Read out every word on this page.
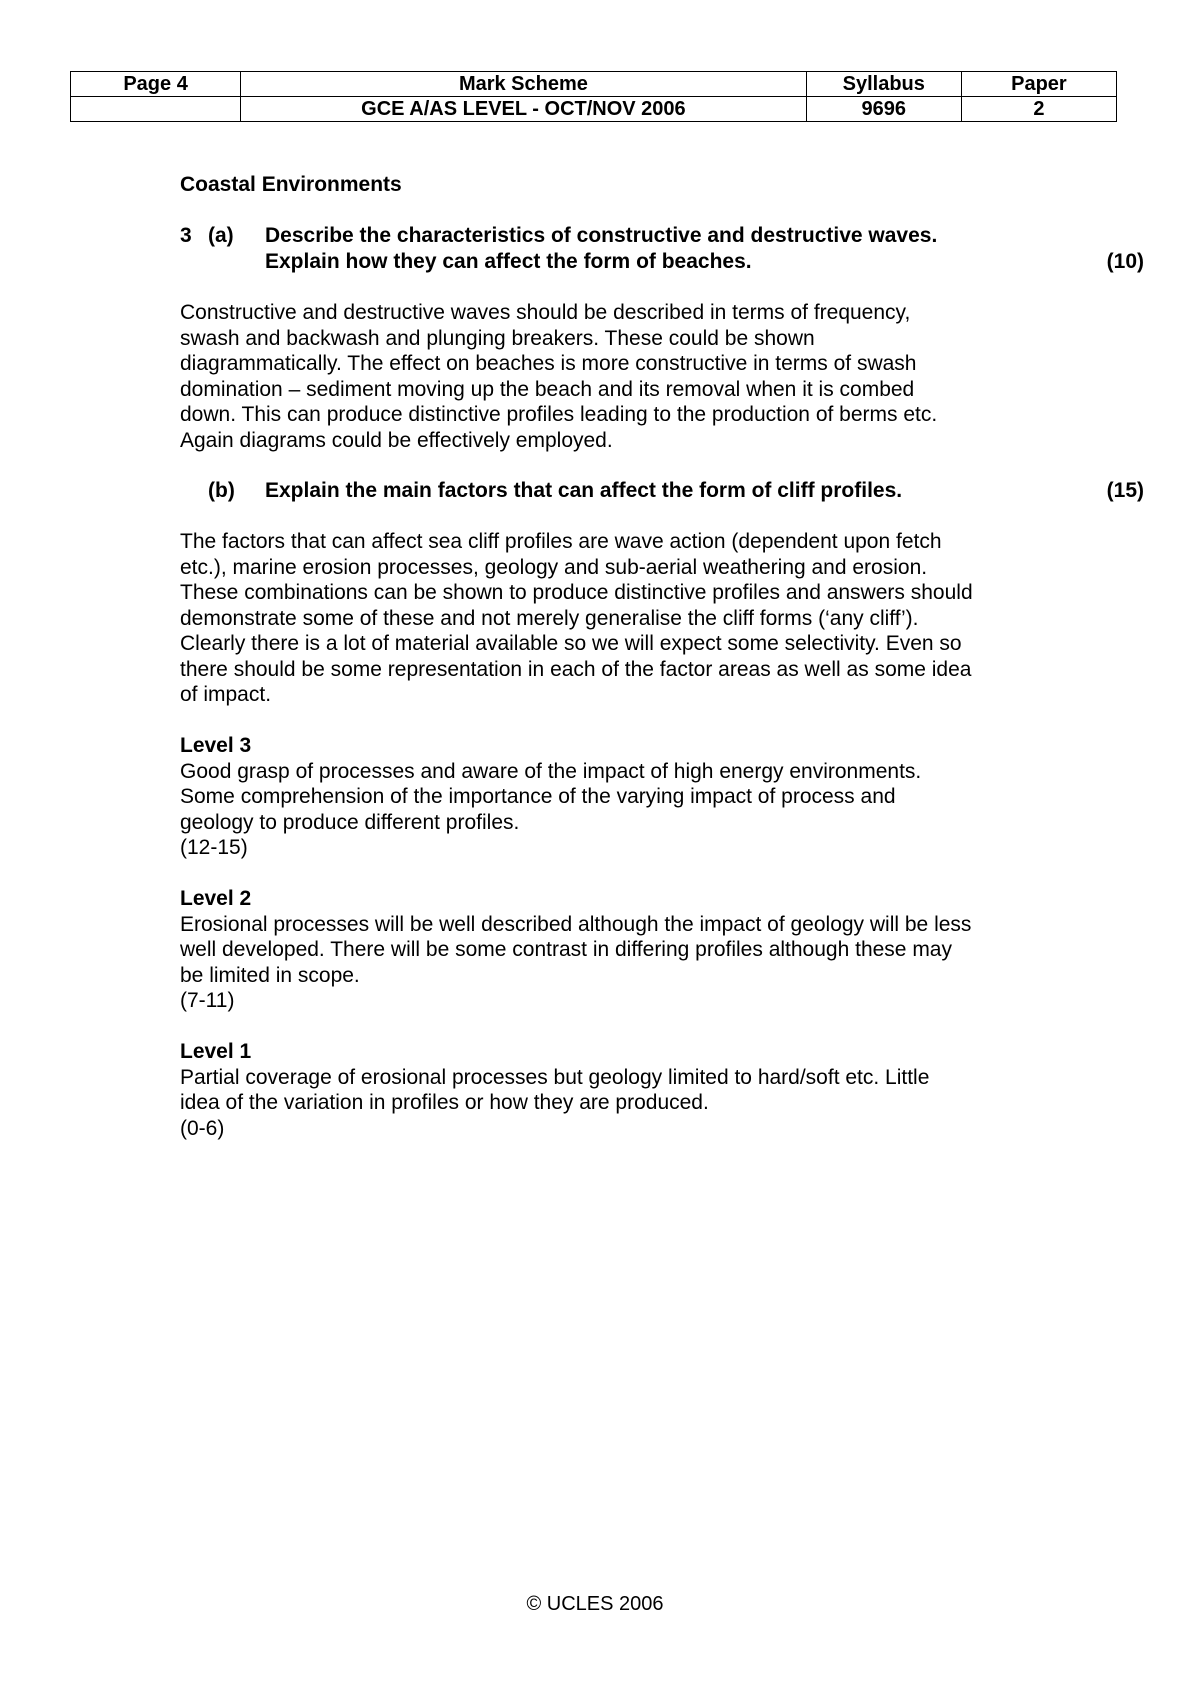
Page 4	Mark Scheme	Syllabus	Paper
	GCE A/AS LEVEL - OCT/NOV 2006	9696	2
Coastal Environments
3 (a) Describe the characteristics of constructive and destructive waves.
Explain how they can affect the form of beaches.	(10)
Constructive and destructive waves should be described in terms of frequency,
swash and backwash and plunging breakers. These could be shown
diagrammatically. The effect on beaches is more constructive in terms of swash
domination – sediment moving up the beach and its removal when it is combed
down. This can produce distinctive profiles leading to the production of berms etc.
Again diagrams could be effectively employed.
(b) Explain the main factors that can affect the form of cliff profiles.	(15)
The factors that can affect sea cliff profiles are wave action (dependent upon fetch
etc.), marine erosion processes, geology and sub-aerial weathering and erosion.
These combinations can be shown to produce distinctive profiles and answers should
demonstrate some of these and not merely generalise the cliff forms (‘any cliff’).
Clearly there is a lot of material available so we will expect some selectivity. Even so
there should be some representation in each of the factor areas as well as some idea
of impact.
Level 3
Good grasp of processes and aware of the impact of high energy environments.
Some comprehension of the importance of the varying impact of process and
geology to produce different profiles.
(12-15)
Level 2
Erosional processes will be well described although the impact of geology will be less
well developed. There will be some contrast in differing profiles although these may
be limited in scope.
(7-11)
Level 1
Partial coverage of erosional processes but geology limited to hard/soft etc. Little
idea of the variation in profiles or how they are produced.
(0-6)
© UCLES 2006
